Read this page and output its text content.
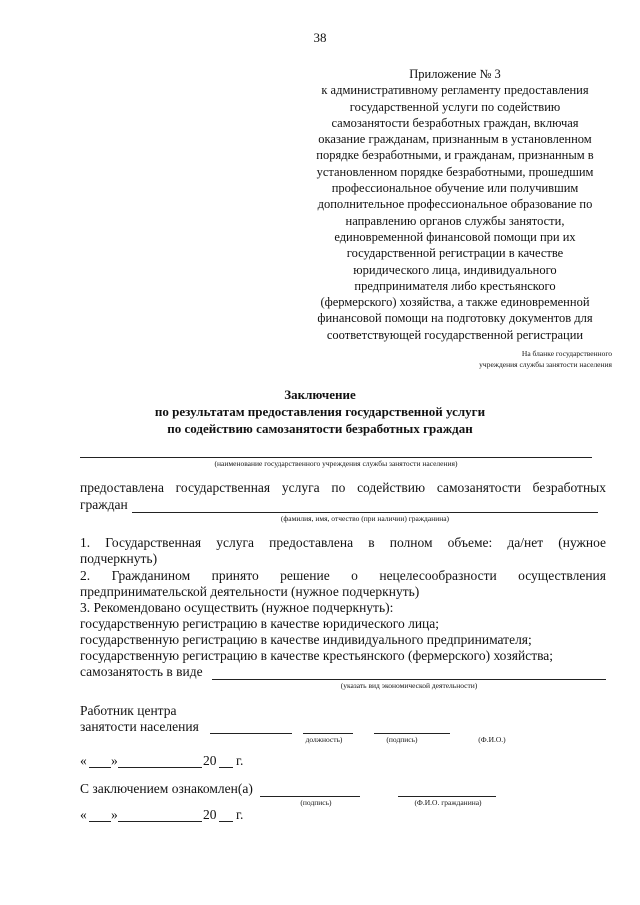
38
Приложение № 3
к административному регламенту предоставления
государственной услуги по содействию
самозанятости безработных граждан, включая
оказание гражданам, признанным в установленном
порядке безработными, и гражданам, признанным в
установленном порядке безработными, прошедшим
профессиональное обучение или получившим
дополнительное профессиональное образование по
направлению органов службы занятости,
единовременной финансовой помощи при их
государственной регистрации в качестве
юридического лица, индивидуального
предпринимателя либо крестьянского
(фермерского) хозяйства, а также единовременной
финансовой помощи на подготовку документов для
соответствующей государственной регистрации
На бланке государственного
учреждения службы занятости населения
Заключение
по результатам предоставления государственной услуги
по содействию самозанятости безработных граждан
(наименование государственного учреждения службы занятости населения)
предоставлена государственная услуга по содействию самозанятости безработных
граждан
(фамилия, имя, отчество (при наличии) гражданина)
1. Государственная услуга предоставлена в полном объеме: да/нет (нужное
подчеркнуть)
2. Гражданином принято решение о нецелесообразности осуществления
предпринимательской деятельности (нужное подчеркнуть)
3. Рекомендовано осуществить (нужное подчеркнуть):
государственную регистрацию в качестве юридического лица;
государственную регистрацию в качестве индивидуального предпринимателя;
государственную регистрацию в качестве крестьянского (фермерского) хозяйства;
самозанятость в виде
(указать вид экономической деятельности)
Работник центра
занятости населения
должность)	(подпись)	(Ф.И.О.)
« »	20 г.
С заключением ознакомлен(а)
(подпись)	(Ф.И.О. гражданина)
« »	20 г.
